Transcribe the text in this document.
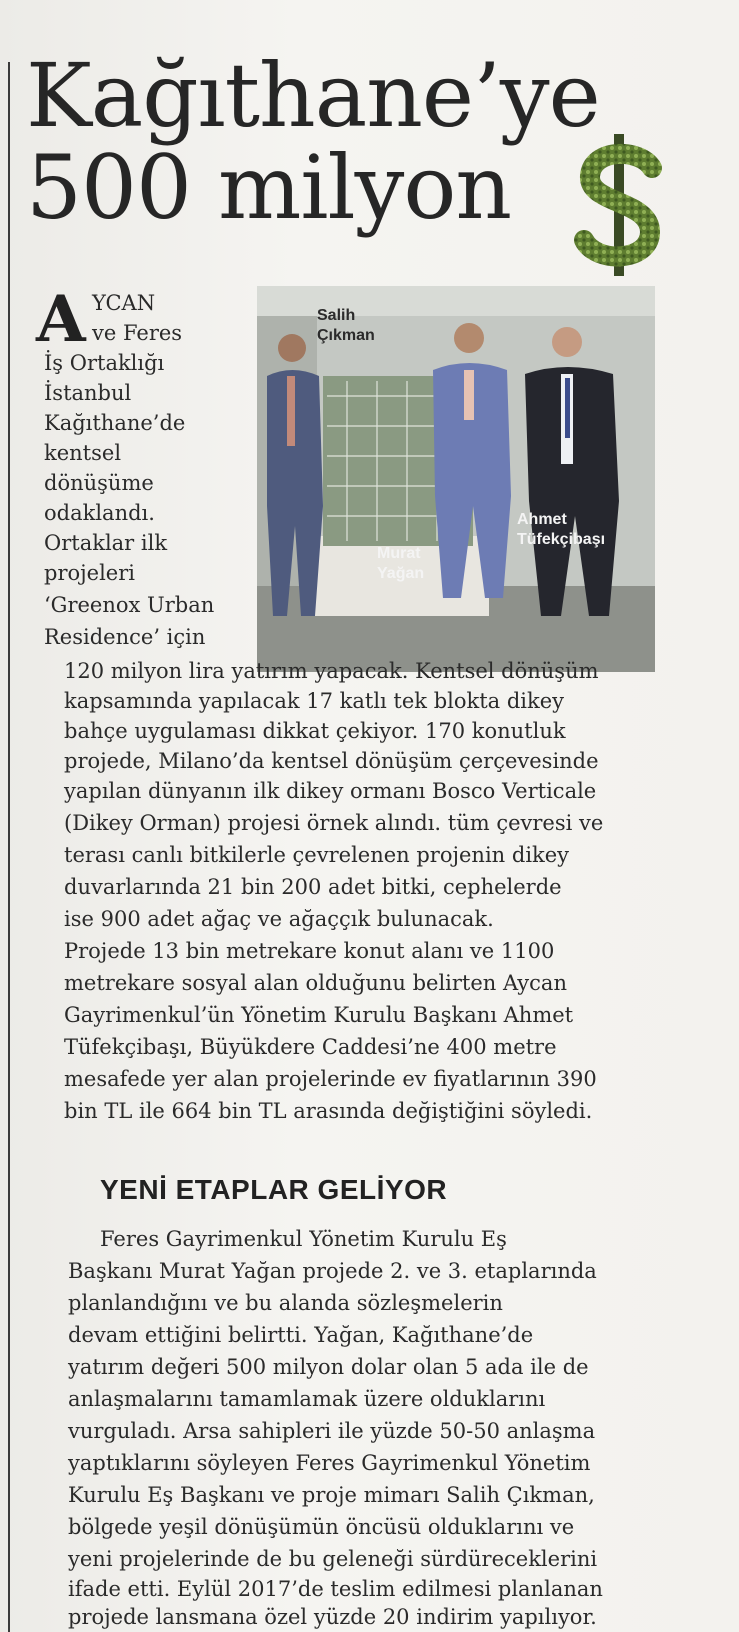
Kağıthane’ye
500 milyon
Salih
Çıkman
Murat
Yağan
Ahmet
Tüfekçibaşı
A YCAN
ve Feres
İş Ortaklığı
İstanbul
Kağıthane’de
kentsel
dönüşüme
odaklandı.
Ortaklar ilk
projeleri
‘Greenox Urban
Residence’ için
120 milyon lira yatırım yapacak. Kentsel dönüşüm
kapsamında yapılacak 17 katlı tek blokta dikey
bahçe uygulaması dikkat çekiyor. 170 konutluk
projede, Milano’da kentsel dönüşüm çerçevesinde
yapılan dünyanın ilk dikey ormanı Bosco Verticale
(Dikey Orman) projesi örnek alındı. tüm çevresi ve
terası canlı bitkilerle çevrelenen projenin dikey
duvarlarında 21 bin 200 adet bitki, cephelerde
ise 900 adet ağaç ve ağaççık bulunacak.
Projede 13 bin metrekare konut alanı ve 1100
metrekare sosyal alan olduğunu belirten Aycan
Gayrimenkul’ün Yönetim Kurulu Başkanı Ahmet
Tüfekçibaşı, Büyükdere Caddesi’ne 400 metre
mesafede yer alan projelerinde ev fiyatlarının 390
bin TL ile 664 bin TL arasında değiştiğini söyledi.
YENİ ETAPLAR GELİYOR
Feres Gayrimenkul Yönetim Kurulu Eş
Başkanı Murat Yağan projede 2. ve 3. etaplarında
planlandığını ve bu alanda sözleşmelerin
devam ettiğini belirtti. Yağan, Kağıthane’de
yatırım değeri 500 milyon dolar olan 5 ada ile de
anlaşmalarını tamamlamak üzere olduklarını
vurguladı. Arsa sahipleri ile yüzde 50-50 anlaşma
yaptıklarını söyleyen Feres Gayrimenkul Yönetim
Kurulu Eş Başkanı ve proje mimarı Salih Çıkman,
bölgede yeşil dönüşümün öncüsü olduklarını ve
yeni projelerinde de bu geleneği sürdüreceklerini
ifade etti. Eylül 2017’de teslim edilmesi planlanan
projede lansmana özel yüzde 20 indirim yapılıyor.
